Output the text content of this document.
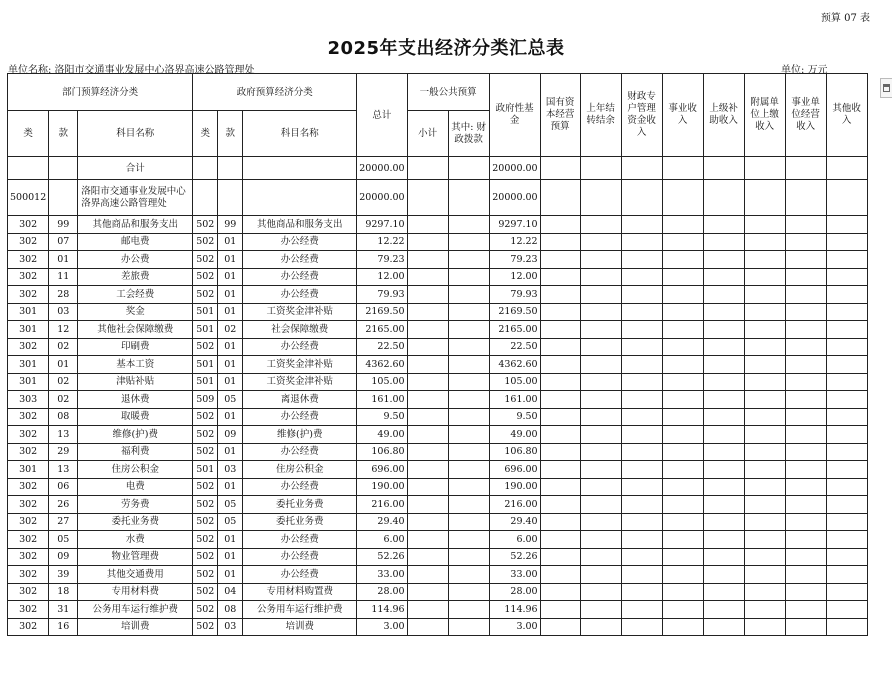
预算 07 表
2025年支出经济分类汇总表
单位名称: 洛阳市交通事业发展中心洛界高速公路管理处	单位: 万元
部门预算经济分类			政府预算经济分类			总计	一般公共预算		政府性基金	国有资本经营预算	上年结转结余	财政专户管理资金收入	事业收入	上级补助收入	附属单位上缴收入	事业单位经营收入	其他收入
类	款	科目名称	类	款	科目名称		小计	其中: 财政拨款									
		合计				20000.00			20000.00								
500012		洛阳市交通事业发展中心洛界高速公路管理处				20000.00			20000.00								
302	99	其他商品和服务支出	502	99	其他商品和服务支出	9297.10			9297.10								
302	07	邮电费	502	01	办公经费	12.22			12.22								
302	01	办公费	502	01	办公经费	79.23			79.23								
302	11	差旅费	502	01	办公经费	12.00			12.00								
302	28	工会经费	502	01	办公经费	79.93			79.93								
301	03	奖金	501	01	工资奖金津补贴	2169.50			2169.50								
301	12	其他社会保障缴费	501	02	社会保障缴费	2165.00			2165.00								
302	02	印刷费	502	01	办公经费	22.50			22.50								
301	01	基本工资	501	01	工资奖金津补贴	4362.60			4362.60								
301	02	津贴补贴	501	01	工资奖金津补贴	105.00			105.00								
303	02	退休费	509	05	离退休费	161.00			161.00								
302	08	取暖费	502	01	办公经费	9.50			9.50								
302	13	维修(护)费	502	09	维修(护)费	49.00			49.00								
302	29	福利费	502	01	办公经费	106.80			106.80								
301	13	住房公积金	501	03	住房公积金	696.00			696.00								
302	06	电费	502	01	办公经费	190.00			190.00								
302	26	劳务费	502	05	委托业务费	216.00			216.00								
302	27	委托业务费	502	05	委托业务费	29.40			29.40								
302	05	水费	502	01	办公经费	6.00			6.00								
302	09	物业管理费	502	01	办公经费	52.26			52.26								
302	39	其他交通费用	502	01	办公经费	33.00			33.00								
302	18	专用材料费	502	04	专用材料购置费	28.00			28.00								
302	31	公务用车运行维护费	502	08	公务用车运行维护费	114.96			114.96								
302	16	培训费	502	03	培训费	3.00			3.00								
